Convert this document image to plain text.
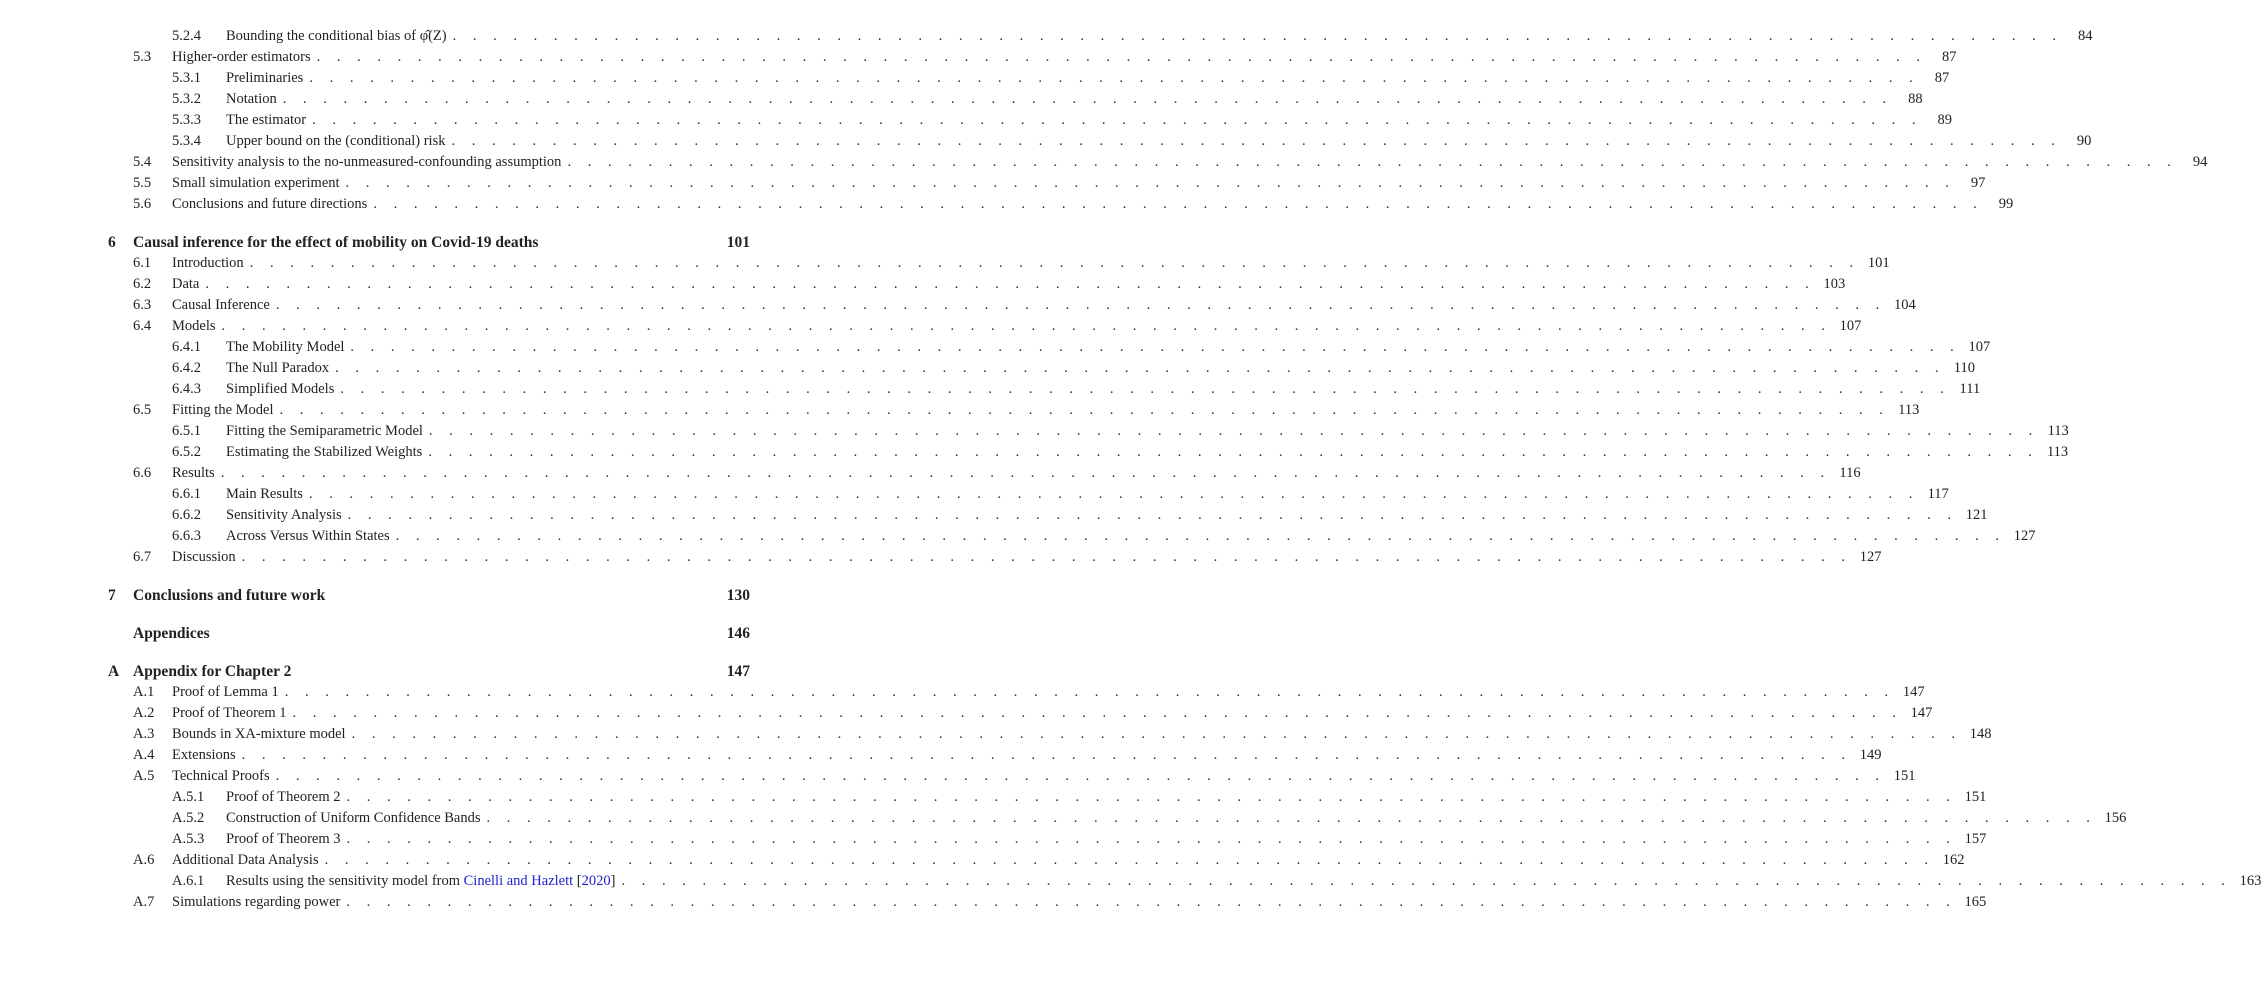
5.2.4 Bounding the conditional bias of φ̂(Z) . . . . . . . . . . . . . . . . . . . . . . . . . . . . . . . . . . . . . . . . . . . . . . . . . . . . . . . . . . . . . . . . . . . . . . . . . . . . . . . .	84
5.3 Higher-order estimators . . . . . . . . . . . . . . . . . . . . . . . . . . . . . . . . . . . . . . . . . . . . . . . . . . . . . . . . . . . . . . . . . . . . . . . . . . . . . . . .	87
5.3.1 Preliminaries . . . . . . . . . . . . . . . . . . . . . . . . . . . . . . . . . . . . . . . . . . . . . . . . . . . . . . . . . . . . . . . . . . . . . . . . . . . . . . . .	87
5.3.2 Notation . . . . . . . . . . . . . . . . . . . . . . . . . . . . . . . . . . . . . . . . . . . . . . . . . . . . . . . . . . . . . . . . . . . . . . . . . . . . . . . .	88
5.3.3 The estimator . . . . . . . . . . . . . . . . . . . . . . . . . . . . . . . . . . . . . . . . . . . . . . . . . . . . . . . . . . . . . . . . . . . . . . . . . . . . . . . .	89
5.3.4 Upper bound on the (conditional) risk . . . . . . . . . . . . . . . . . . . . . . . . . . . . . . . . . . . . . . . . . . . . . . . . . . . . . . . . . . . . . . . . . . . . . . . . . . . . . . . .	90
5.4 Sensitivity analysis to the no-unmeasured-confounding assumption . . . . . . . . . . . . . . . . . . . . . . . . . . . . . . . . . . . . . . . . . . . . . . . . . . . . . . . . . . . . . . . . . . . . . . . . . . . . . . . .	94
5.5 Small simulation experiment . . . . . . . . . . . . . . . . . . . . . . . . . . . . . . . . . . . . . . . . . . . . . . . . . . . . . . . . . . . . . . . . . . . . . . . . . . . . . . . .	97
5.6 Conclusions and future directions . . . . . . . . . . . . . . . . . . . . . . . . . . . . . . . . . . . . . . . . . . . . . . . . . . . . . . . . . . . . . . . . . . . . . . . . . . . . . . . .	99
6 Causal inference for the effect of mobility on Covid-19 deaths	101
6.1 Introduction . . . . . . . . . . . . . . . . . . . . . . . . . . . . . . . . . . . . . . . . . . . . . . . . . . . . . . . . . . . . . . . . . . . . . . . . . . . . . . . . 101
6.2 Data . . . . . . . . . . . . . . . . . . . . . . . . . . . . . . . . . . . . . . . . . . . . . . . . . . . . . . . . . . . . . . . . . . . . . . . . . . . . . . . . 103
6.3 Causal Inference . . . . . . . . . . . . . . . . . . . . . . . . . . . . . . . . . . . . . . . . . . . . . . . . . . . . . . . . . . . . . . . . . . . . . . . . . . . . . . . . 104
6.4 Models . . . . . . . . . . . . . . . . . . . . . . . . . . . . . . . . . . . . . . . . . . . . . . . . . . . . . . . . . . . . . . . . . . . . . . . . . . . . . . . . 107
6.4.1 The Mobility Model . . . . . . . . . . . . . . . . . . . . . . . . . . . . . . . . . . . . . . . . . . . . . . . . . . . . . . . . . . . . . . . . . . . . . . . . . . . . . . . . 107
6.4.2 The Null Paradox . . . . . . . . . . . . . . . . . . . . . . . . . . . . . . . . . . . . . . . . . . . . . . . . . . . . . . . . . . . . . . . . . . . . . . . . . . . . . . . . 110
6.4.3 Simplified Models . . . . . . . . . . . . . . . . . . . . . . . . . . . . . . . . . . . . . . . . . . . . . . . . . . . . . . . . . . . . . . . . . . . . . . . . . . . . . . . . 111
6.5 Fitting the Model . . . . . . . . . . . . . . . . . . . . . . . . . . . . . . . . . . . . . . . . . . . . . . . . . . . . . . . . . . . . . . . . . . . . . . . . . . . . . . . . 113
6.5.1 Fitting the Semiparametric Model . . . . . . . . . . . . . . . . . . . . . . . . . . . . . . . . . . . . . . . . . . . . . . . . . . . . . . . . . . . . . . . . . . . . . . . . . . . . . . . . 113
6.5.2 Estimating the Stabilized Weights . . . . . . . . . . . . . . . . . . . . . . . . . . . . . . . . . . . . . . . . . . . . . . . . . . . . . . . . . . . . . . . . . . . . . . . . . . . . . . . . 113
6.6 Results . . . . . . . . . . . . . . . . . . . . . . . . . . . . . . . . . . . . . . . . . . . . . . . . . . . . . . . . . . . . . . . . . . . . . . . . . . . . . . . . 116
6.6.1 Main Results . . . . . . . . . . . . . . . . . . . . . . . . . . . . . . . . . . . . . . . . . . . . . . . . . . . . . . . . . . . . . . . . . . . . . . . . . . . . . . . . 117
6.6.2 Sensitivity Analysis . . . . . . . . . . . . . . . . . . . . . . . . . . . . . . . . . . . . . . . . . . . . . . . . . . . . . . . . . . . . . . . . . . . . . . . . . . . . . . . . 121
6.6.3 Across Versus Within States . . . . . . . . . . . . . . . . . . . . . . . . . . . . . . . . . . . . . . . . . . . . . . . . . . . . . . . . . . . . . . . . . . . . . . . . . . . . . . . . 127
6.7 Discussion . . . . . . . . . . . . . . . . . . . . . . . . . . . . . . . . . . . . . . . . . . . . . . . . . . . . . . . . . . . . . . . . . . . . . . . . . . . . . . . . 127
7 Conclusions and future work	130
Appendices	146
A Appendix for Chapter 2	147
A.1 Proof of Lemma 1 . . . . . . . . . . . . . . . . . . . . . . . . . . . . . . . . . . . . . . . . . . . . . . . . . . . . . . . . . . . . . . . . . . . . . . . . . . . . . . . . 147
A.2 Proof of Theorem 1 . . . . . . . . . . . . . . . . . . . . . . . . . . . . . . . . . . . . . . . . . . . . . . . . . . . . . . . . . . . . . . . . . . . . . . . . . . . . . . . . 147
A.3 Bounds in XA-mixture model . . . . . . . . . . . . . . . . . . . . . . . . . . . . . . . . . . . . . . . . . . . . . . . . . . . . . . . . . . . . . . . . . . . . . . . . . . . . . . . . 148
A.4 Extensions . . . . . . . . . . . . . . . . . . . . . . . . . . . . . . . . . . . . . . . . . . . . . . . . . . . . . . . . . . . . . . . . . . . . . . . . . . . . . . . . 149
A.5 Technical Proofs . . . . . . . . . . . . . . . . . . . . . . . . . . . . . . . . . . . . . . . . . . . . . . . . . . . . . . . . . . . . . . . . . . . . . . . . . . . . . . . . 151
A.5.1 Proof of Theorem 2 . . . . . . . . . . . . . . . . . . . . . . . . . . . . . . . . . . . . . . . . . . . . . . . . . . . . . . . . . . . . . . . . . . . . . . . . . . . . . . . . 151
A.5.2 Construction of Uniform Confidence Bands . . . . . . . . . . . . . . . . . . . . . . . . . . . . . . . . . . . . . . . . . . . . . . . . . . . . . . . . . . . . . . . . . . . . . . . . . . . . . . . . 156
A.5.3 Proof of Theorem 3 . . . . . . . . . . . . . . . . . . . . . . . . . . . . . . . . . . . . . . . . . . . . . . . . . . . . . . . . . . . . . . . . . . . . . . . . . . . . . . . . 157
A.6 Additional Data Analysis . . . . . . . . . . . . . . . . . . . . . . . . . . . . . . . . . . . . . . . . . . . . . . . . . . . . . . . . . . . . . . . . . . . . . . . . . . . . . . . . 162
A.6.1 Results using the sensitivity model from Cinelli and Hazlett [2020] . . . . . . . . . . . . . . . . . . . . . . . . . . . . . . . . . . . . . . . . . . . . . . . . . . . . . . . . . . . . . . . . . . . . . . . . . . . . . . . . 163
A.7 Simulations regarding power . . . . . . . . . . . . . . . . . . . . . . . . . . . . . . . . . . . . . . . . . . . . . . . . . . . . . . . . . . . . . . . . . . . . . . . . . . . . . . . . 165
